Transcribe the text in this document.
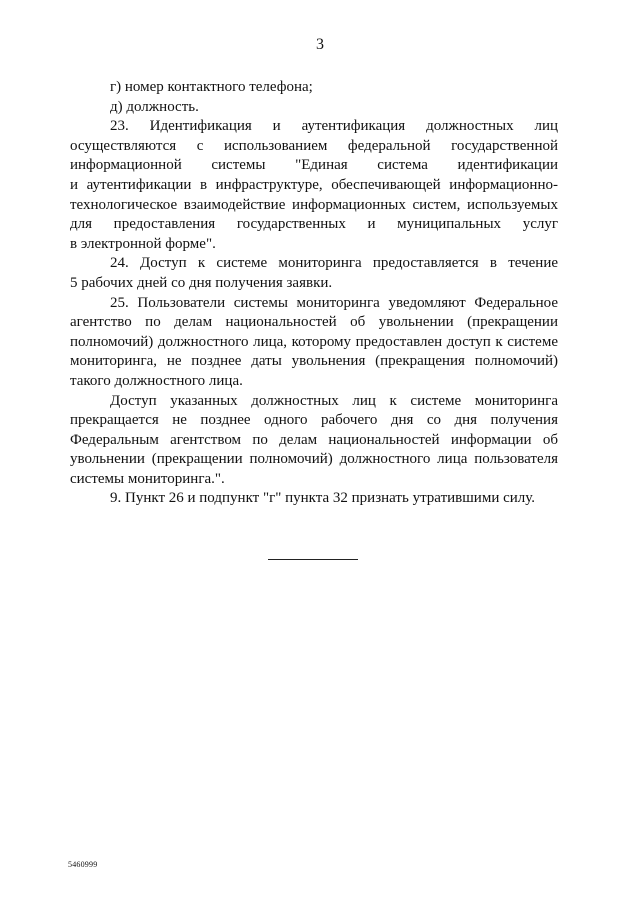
3

г) номер контактного телефона;

д) должность.

23. Идентификация и аутентификация должностных лиц
осуществляются с использованием федеральной государственной
информационной системы "Единая система идентификации
и аутентификации в инфраструктуре, обеспечивающей информационно-
технологическое взаимодействие информационных систем, используемых
для предоставления государственных и муниципальных услуг
в электронной форме".
24. Доступ к системе мониторинга предоставляется в течение
5 рабочих дней со дня получения заявки.
25. Пользователи системы мониторинга уведомляют Федеральное
агентство по делам национальностей об увольнении (прекращении
полномочий) должностного лица, которому предоставлен доступ к системе
мониторинга, не позднее даты увольнения (прекращения полномочий)
такого должностного лица.
Доступ указанных должностных лиц к системе мониторинга
прекращается не позднее одного рабочего дня со дня получения
Федеральным агентством по делам национальностей информации об
увольнении (прекращении полномочий) должностного лица пользователя
системы мониторинга.".

9. Пункт 26 и подпункт "г" пункта 32 признать утратившими силу.

5460999
